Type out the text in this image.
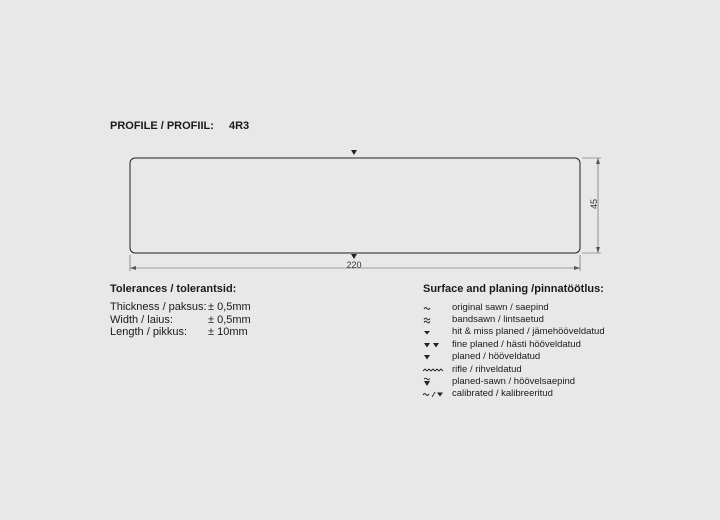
PROFILE / PROFIIL: 4R3
220
45
Tolerances / tolerantsid:
Thickness / paksus: ± 0,5mm
Width / laius:	± 0,5mm
Length / pikkus: ± 10mm
Surface and planing /pinnatöötlus:
original sawn / saepind
bandsawn / lintsaetud
hit & miss planed / jämehööveldatud
fine planed / hästi hööveldatud
planed / hööveldatud
rifle / rihveldatud
planed-sawn / höövelsaepind
calibrated / kalibreeritud
